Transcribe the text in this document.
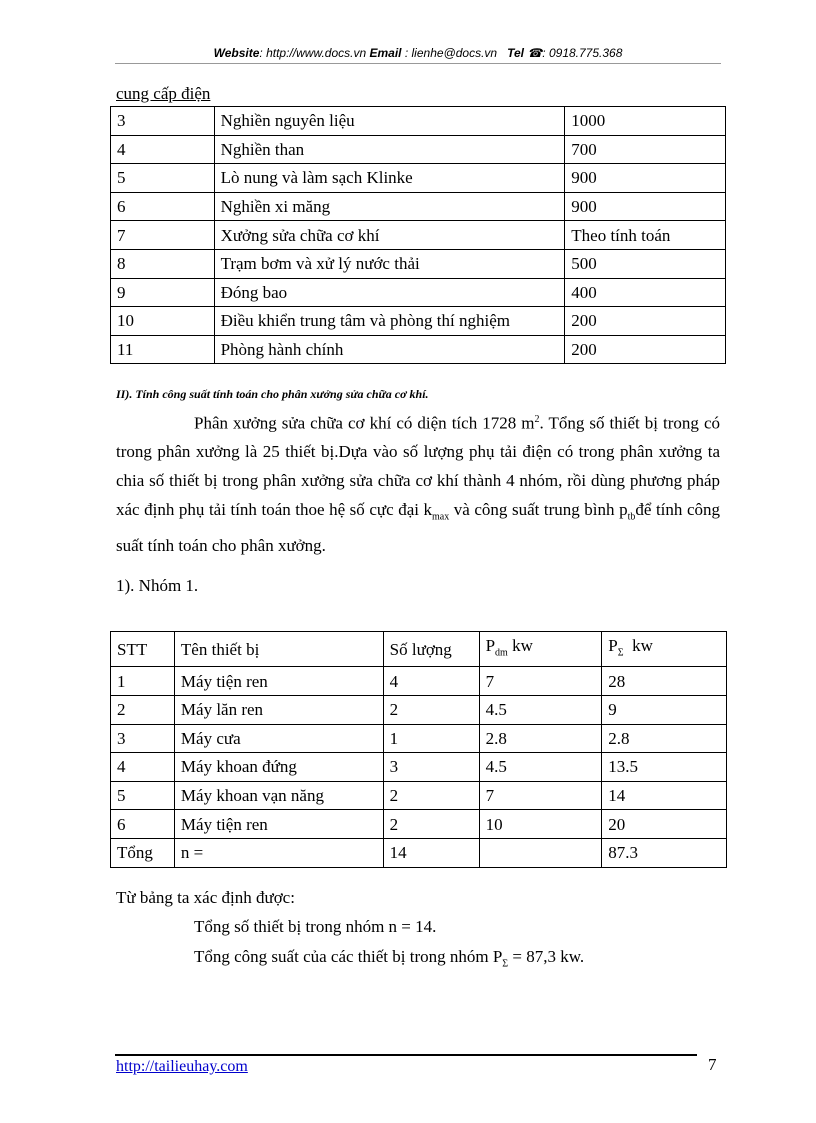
Website: http://www.docs.vn Email : lienhe@docs.vn Tel ☎: 0918.775.368
cung cấp điện
3	Nghiền nguyên liệu	1000
4	Nghiền than	700
5	Lò nung và làm sạch Klinke	900
6	Nghiền xi măng	900
7	Xưởng sửa chữa cơ khí	Theo tính toán
8	Trạm bơm và xử lý nước thải	500
9	Đóng bao	400
10	Điều khiển trung tâm và phòng thí nghiệm	200
11	Phòng hành chính	200
II). Tính công suất tính toán cho phân xưởng sửa chữa cơ khí.
Phân xưởng sửa chữa cơ khí có diện tích 1728 $m^2$. Tổng số thiết bị trong có trong phân xưởng là 25 thiết bị.Dựa vào số lượng phụ tải điện có trong phân xưởng ta chia số thiết bị trong phân xưởng sửa chữa cơ khí thành 4 nhóm, rồi dùng phương pháp xác định phụ tải tính toán thoe hệ số cực đại $k_{max}$ và công suất trung bình $p_{tb}để$ tính công suất tính toán cho phân xưởng.
1). Nhóm 1.
STT	Tên thiết bị	Số lượng	$P_{dm}$ kw	$P_\Sigma$  kw
1	Máy tiện ren	4	7	28
2	Máy lăn ren	2	4.5	9
3	Máy cưa	1	2.8	2.8
4	Máy khoan đứng	3	4.5	13.5
5	Máy khoan vạn năng	2	7	14
6	Máy tiện ren	2	10	20
Tổng	n =	14		87.3
Từ bảng ta xác định được:
Tổng số thiết bị trong nhóm n = 14.
Tổng công suất của các thiết bị trong nhóm $P_\Sigma = 87,3$ kw.
http://tailieuhay.com	7
